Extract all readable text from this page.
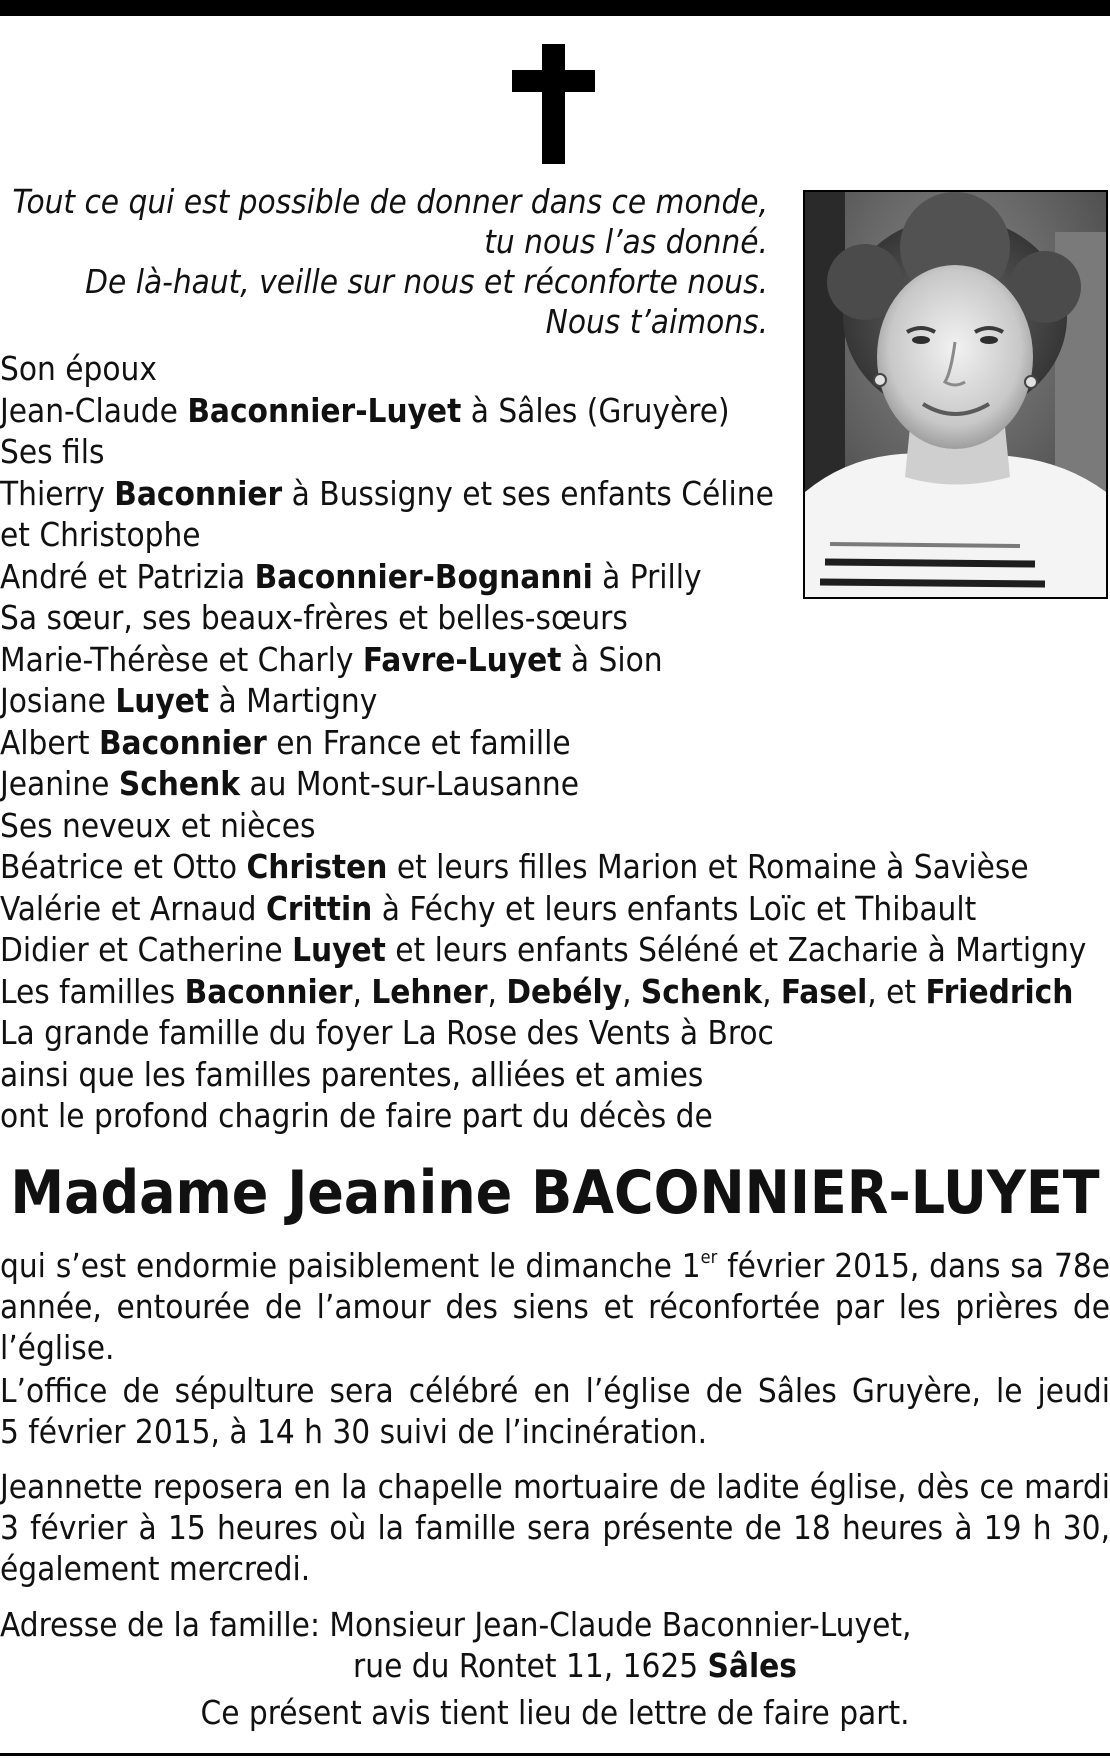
Tout ce qui est possible de donner dans ce monde,
tu nous l’as donné.
De là-haut, veille sur nous et réconforte nous.
Nous t’aimons.
Son époux
Jean-Claude Baconnier-Luyet à Sâles (Gruyère)
Ses fils
Thierry Baconnier à Bussigny et ses enfants Céline
et Christophe
André et Patrizia Baconnier-Bognanni à Prilly
Sa sœur, ses beaux-frères et belles-sœurs
Marie-Thérèse et Charly Favre-Luyet à Sion
Josiane Luyet à Martigny
Albert Baconnier en France et famille
Jeanine Schenk au Mont-sur-Lausanne
Ses neveux et nièces
Béatrice et Otto Christen et leurs filles Marion et Romaine à Savièse
Valérie et Arnaud Crittin à Féchy et leurs enfants Loïc et Thibault
Didier et Catherine Luyet et leurs enfants Séléné et Zacharie à Martigny
Les familles Baconnier, Lehner, Debély, Schenk, Fasel, et Friedrich
La grande famille du foyer La Rose des Vents à Broc
ainsi que les familles parentes, alliées et amies
ont le profond chagrin de faire part du décès de
Madame Jeanine BACONNIER-LUYET
qui s’est endormie paisiblement le dimanche 1er février 2015, dans sa 78e
année, entourée de l’amour des siens et réconfortée par les prières de
l’église.
L’office de sépulture sera célébré en l’église de Sâles Gruyère, le jeudi
5 février 2015, à 14 h 30 suivi de l’incinération.
Jeannette reposera en la chapelle mortuaire de ladite église, dès ce mardi
3 février à 15 heures où la famille sera présente de 18 heures à 19 h 30,
également mercredi.
Adresse de la famille: Monsieur Jean-Claude Baconnier-Luyet,
rue du Rontet 11, 1625 Sâles
Ce présent avis tient lieu de lettre de faire part.
